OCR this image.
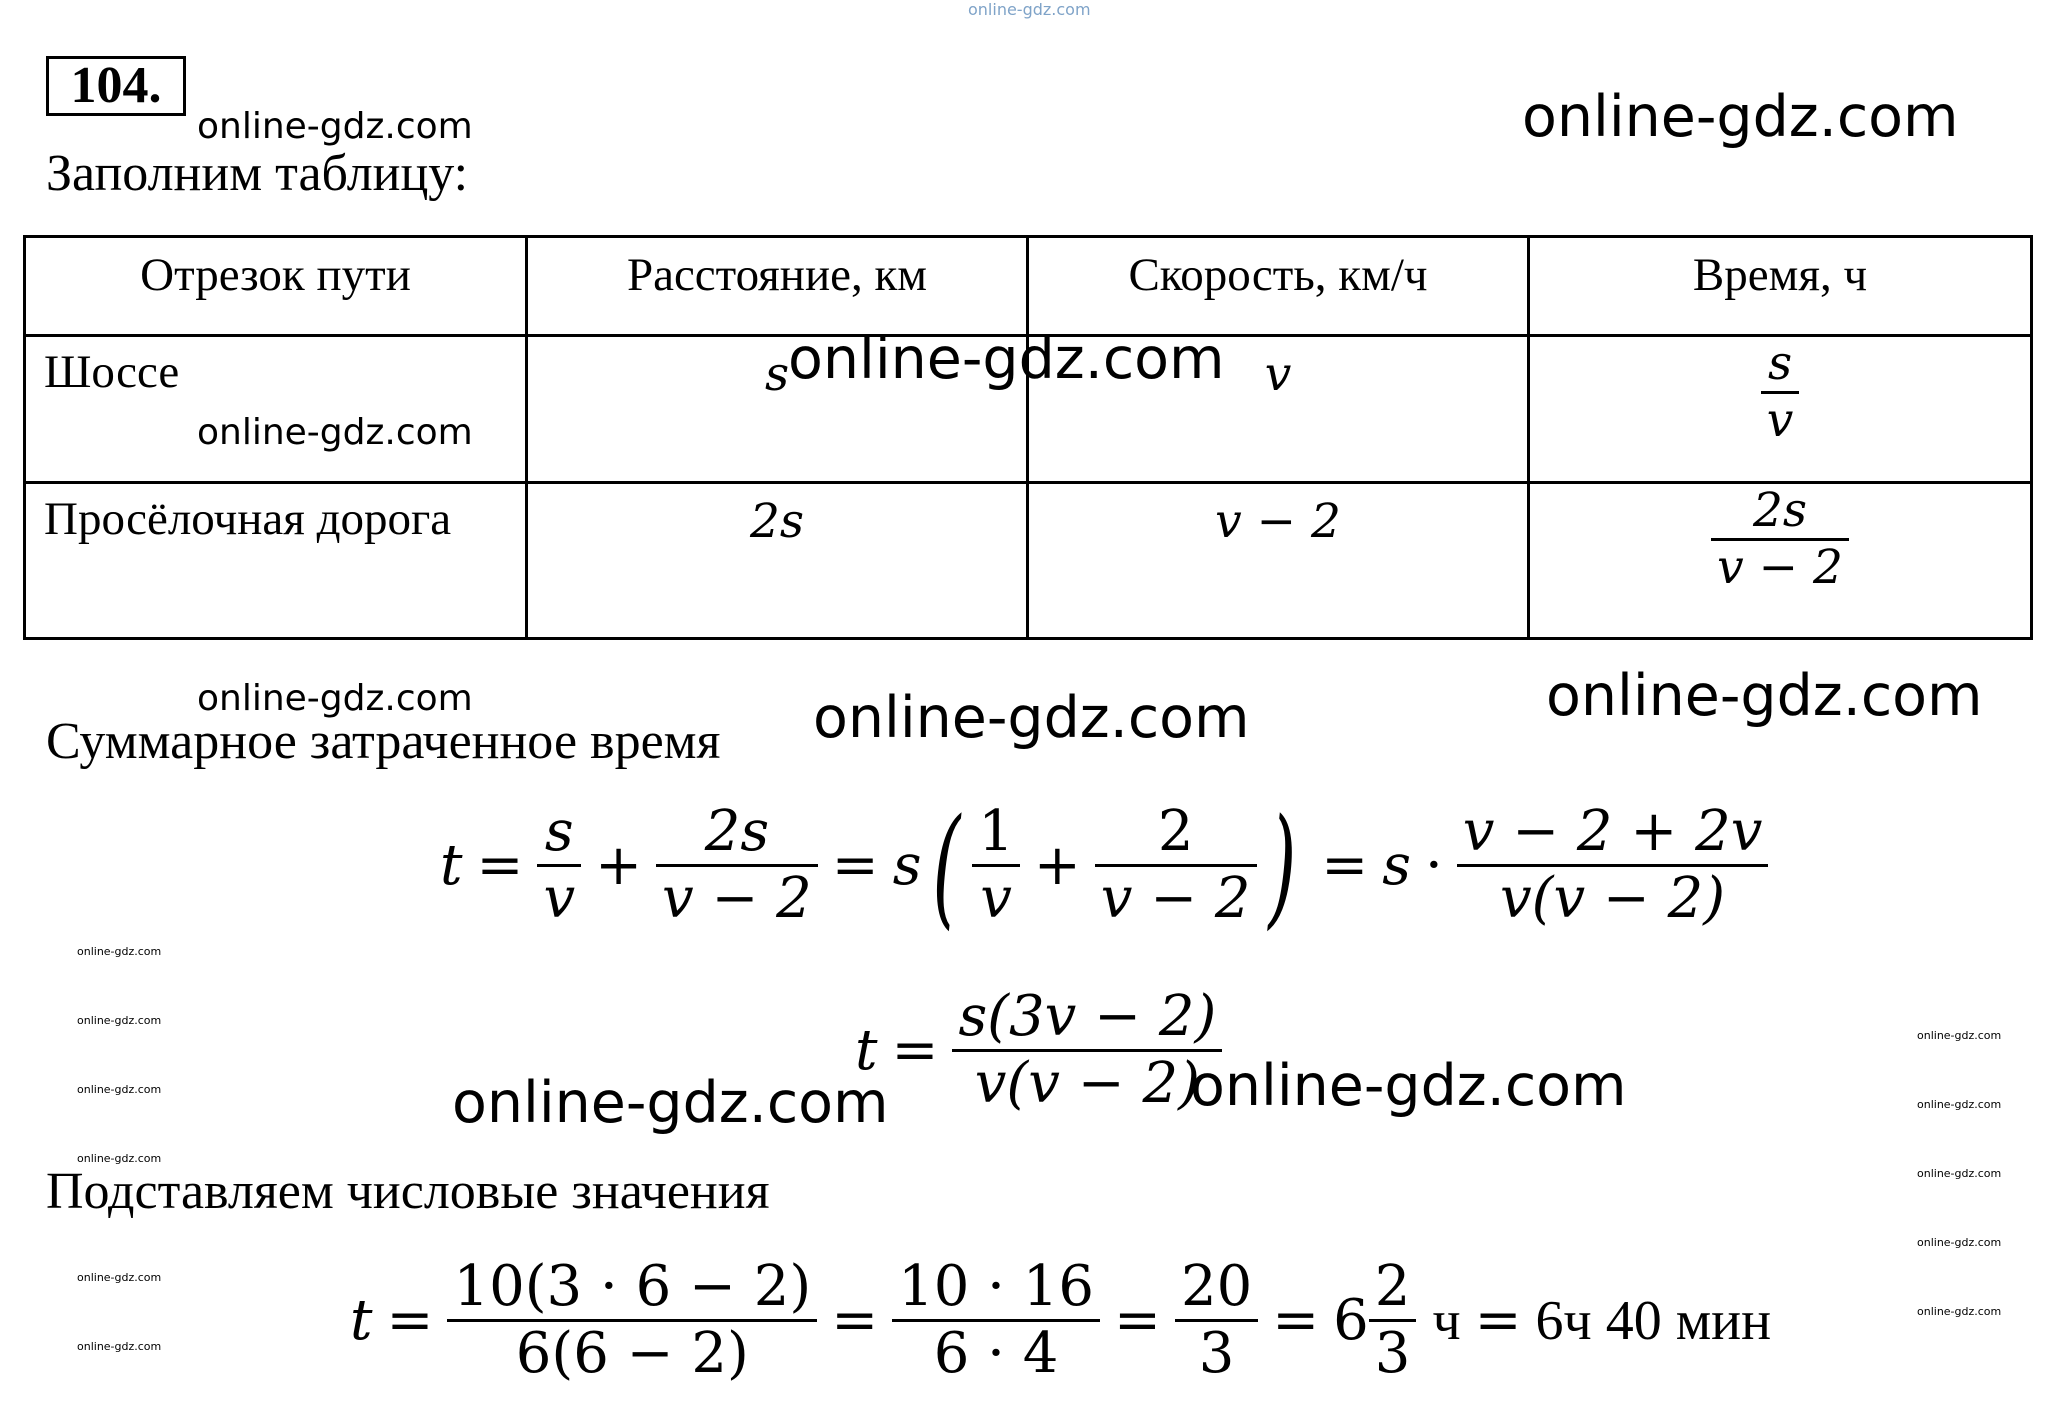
online-gdz.com
104.
online-gdz.com	online-gdz.com
Заполним таблицу:
Отрезок пути	Расстояние, км	Скорость, км/ч	Время, ч
Шоссе	s	v	$\frac{s}{v}$

Просёлочная дорога	2s	v − 2	$\frac{2s}{v - 2}$
online-gdz.com
online-gdz.com
online-gdz.com	online-gdz.com
online-gdz.com
Суммарное затраченное время
$t = \frac{s}{v} + \frac{2s}{v - 2} = s$ ( $\frac{1}{v} + \frac{2}{v - 2}$ ) = $s \cdot \frac{v - 2 + 2v}{v(v - 2)}$
online-gdz.com
online-gdz.com
online-gdz.com
online-gdz.com
online-gdz.com
online-gdz.com
online-gdz.com
online-gdz.com
online-gdz.com
online-gdz.com
online-gdz.com
$t = \frac{s(3v - 2)}{v(v - 2)}$
online-gdz.com	online-gdz.com
Подставляем числовые значения
$t = \frac{10(3 \cdot 6 - 2)}{6(6 - 2)} = \frac{10 \cdot 16}{6 \cdot 4} = \frac{20}{3} = 6 \frac{2}{3}$ ч = 6ч 40 мин
